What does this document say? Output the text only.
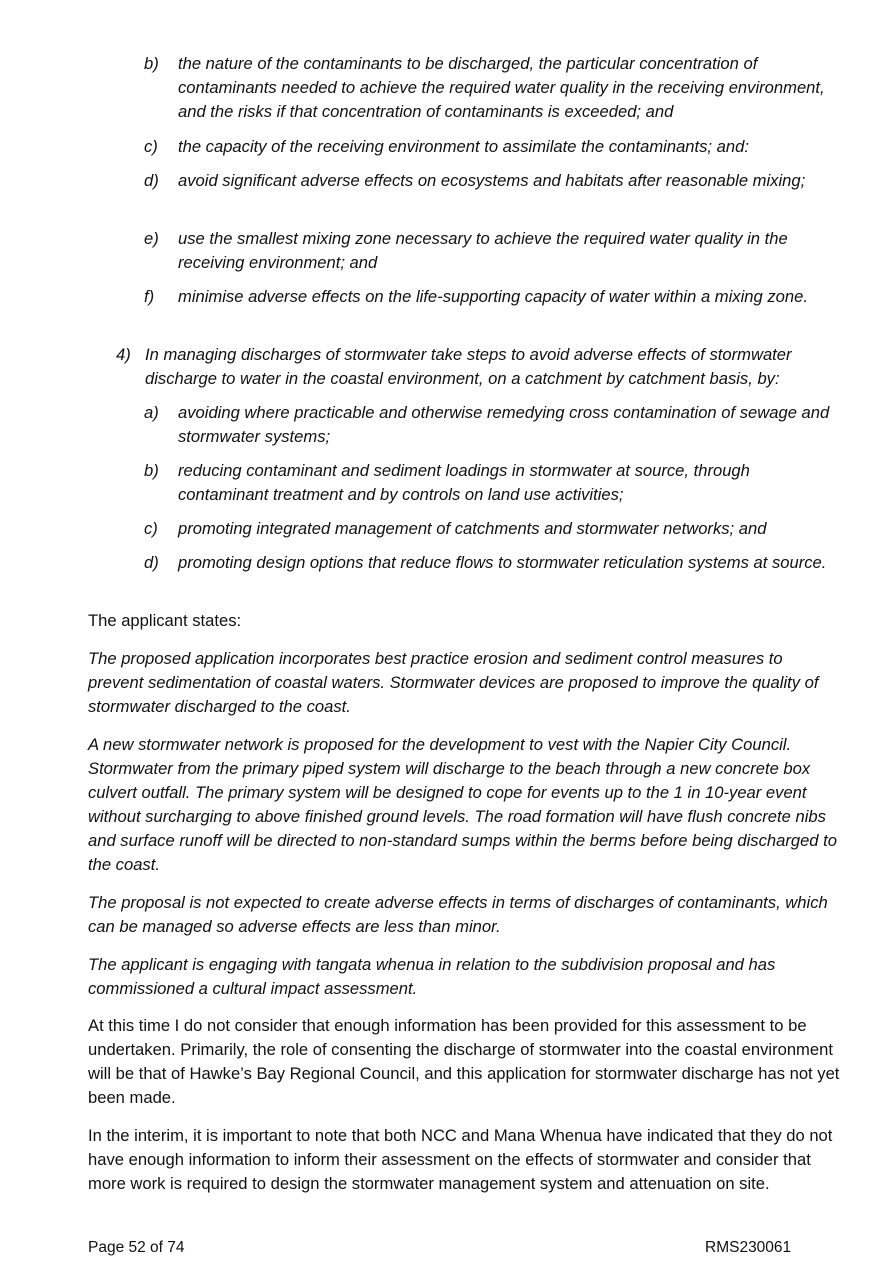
b)	the nature of the contaminants to be discharged, the particular concentration of contaminants needed to achieve the required water quality in the receiving environment, and the risks if that concentration of contaminants is exceeded; and
c)	the capacity of the receiving environment to assimilate the contaminants; and:
d)	avoid significant adverse effects on ecosystems and habitats after reasonable mixing;
e)	use the smallest mixing zone necessary to achieve the required water quality in the receiving environment; and
f)	minimise adverse effects on the life-supporting capacity of water within a mixing zone.
4) In managing discharges of stormwater take steps to avoid adverse effects of stormwater discharge to water in the coastal environment, on a catchment by catchment basis, by:
a)	avoiding where practicable and otherwise remedying cross contamination of sewage and stormwater systems;
b)	reducing contaminant and sediment loadings in stormwater at source, through contaminant treatment and by controls on land use activities;
c)	promoting integrated management of catchments and stormwater networks; and
d)	promoting design options that reduce flows to stormwater reticulation systems at source.

The applicant states:

The proposed application incorporates best practice erosion and sediment control measures to prevent sedimentation of coastal waters. Stormwater devices are proposed to improve the quality of stormwater discharged to the coast.

A new stormwater network is proposed for the development to vest with the Napier City Council. Stormwater from the primary piped system will discharge to the beach through a new concrete box culvert outfall. The primary system will be designed to cope for events up to the 1 in 10-year event without surcharging to above finished ground levels. The road formation will have flush concrete nibs and surface runoff will be directed to non-standard sumps within the berms before being discharged to the coast.

The proposal is not expected to create adverse effects in terms of discharges of contaminants, which can be managed so adverse effects are less than minor.

The applicant is engaging with tangata whenua in relation to the subdivision proposal and has commissioned a cultural impact assessment.

At this time I do not consider that enough information has been provided for this assessment to be undertaken. Primarily, the role of consenting the discharge of stormwater into the coastal environment will be that of Hawke’s Bay Regional Council, and this application for stormwater discharge has not yet been made.

In the interim, it is important to note that both NCC and Mana Whenua have indicated that they do not have enough information to inform their assessment on the effects of stormwater and consider that more work is required to design the stormwater management system and attenuation on site.

Page 52 of 74	RMS230061
